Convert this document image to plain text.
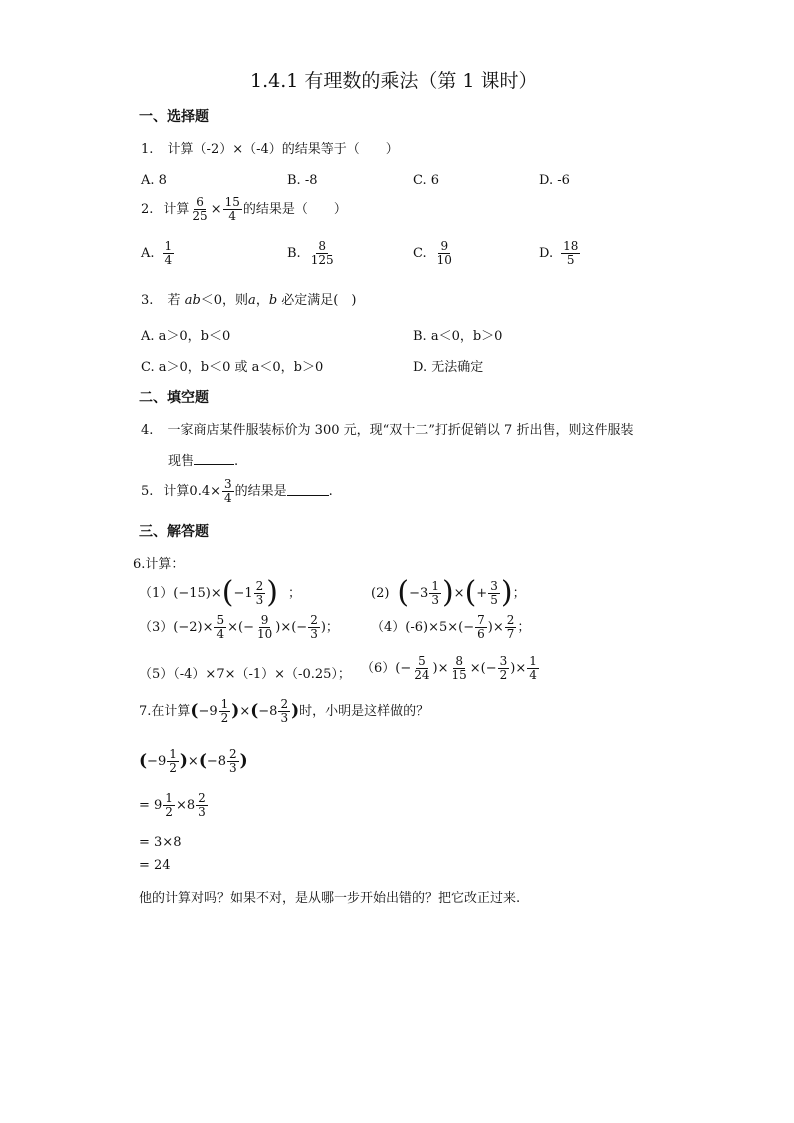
1.4.1 有理数的乘法（第 1 课时）
一、选择题
1. 计算（-2）×（-4）的结果等于（　　）
A. 8	B. -8	C. 6	D. -6
2. 计算 $\frac{6}{25} \times \frac{15}{4}$ 的结果是（　　）
A. $\frac{1}{4}$	B. $\frac{8}{125}$	C. $\frac{9}{10}$	D. $\frac{18}{5}$
3. 若 ab＜0，则a，b 必定满足(　)
A. a＞0，b＜0	B. a＜0，b＞0
C. a＞0，b＜0 或 a＜0，b＞0	D. 无法确定
二、填空题
4. 一家商店某件服装标价为 300 元，现“双十二”打折促销以 7 折出售，则这件服装
现售	.
5. 计算 $0.4\times \frac{3}{4}$ 的结果是	.
三、解答题
6.计算：
（1） (−15)× ( $-1 \frac{2}{3}$ ) ；	(2) ( $-3 \frac{1}{3}$ ) × ( + $\frac{3}{5}$ ) ；
（3） $(-2)\times \frac{5}{4}$ ×(− $\frac{9}{10}$ )×(− $\frac{2}{3}$ )； （4） $(-6)\times 5\times(- \frac{7}{6}$ )× $\frac{2}{7}$ ；
（5）（-4）×7×（-1）×（-0.25）； （6） (− $\frac{5}{24}$ )× $\frac{8}{15}$ ×(− $\frac{3}{2}$ )× $\frac{1}{4}$
7.在计算 ( $-9 \frac{1}{2}$ ) × ( $-8 \frac{2}{3}$ ) 时，小明是这样做的？
( $-9 \frac{1}{2}$ ) × ( $-8 \frac{2}{3}$ )
= $9 \frac{1}{2} \times 8 \frac{2}{3}$
= 3×8
= 24
他的计算对吗？如果不对，是从哪一步开始出错的？把它改正过来.
